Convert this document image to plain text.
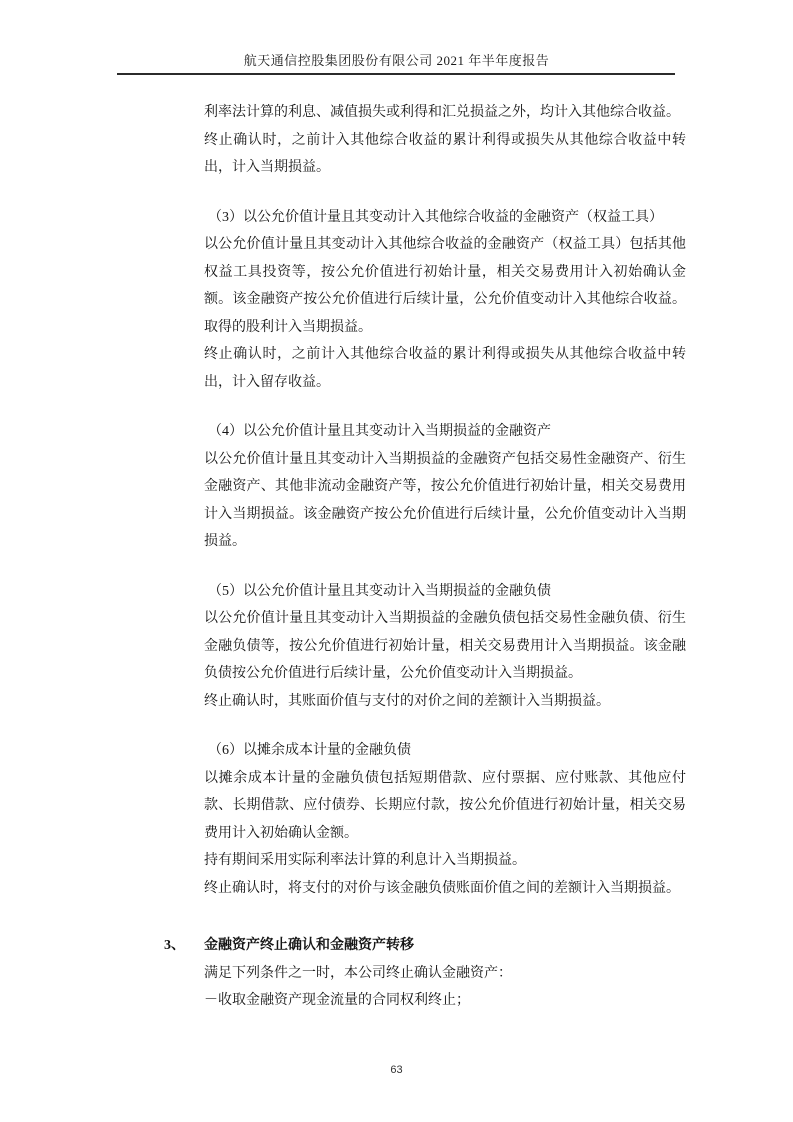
航天通信控股集团股份有限公司 2021 年半年度报告

利率法计算的利息、减值损失或利得和汇兑损益之外，均计入其他综合收益。

终止确认时，之前计入其他综合收益的累计利得或损失从其他综合收益中转出，计入当期损益。

（3）以公允价值计量且其变动计入其他综合收益的金融资产（权益工具）

以公允价值计量且其变动计入其他综合收益的金融资产（权益工具）包括其他权益工具投资等，按公允价值进行初始计量，相关交易费用计入初始确认金额。该金融资产按公允价值进行后续计量，公允价值变动计入其他综合收益。取得的股利计入当期损益。

终止确认时，之前计入其他综合收益的累计利得或损失从其他综合收益中转出，计入留存收益。

（4）以公允价值计量且其变动计入当期损益的金融资产

以公允价值计量且其变动计入当期损益的金融资产包括交易性金融资产、衍生金融资产、其他非流动金融资产等，按公允价值进行初始计量，相关交易费用计入当期损益。该金融资产按公允价值进行后续计量，公允价值变动计入当期损益。

（5）以公允价值计量且其变动计入当期损益的金融负债

以公允价值计量且其变动计入当期损益的金融负债包括交易性金融负债、衍生金融负债等，按公允价值进行初始计量，相关交易费用计入当期损益。该金融负债按公允价值进行后续计量，公允价值变动计入当期损益。

终止确认时，其账面价值与支付的对价之间的差额计入当期损益。

（6）以摊余成本计量的金融负债

以摊余成本计量的金融负债包括短期借款、应付票据、应付账款、其他应付款、长期借款、应付债券、长期应付款，按公允价值进行初始计量，相关交易费用计入初始确认金额。

持有期间采用实际利率法计算的利息计入当期损益。

终止确认时，将支付的对价与该金融负债账面价值之间的差额计入当期损益。

3、 金融资产终止确认和金融资产转移

满足下列条件之一时，本公司终止确认金融资产：

－收取金融资产现金流量的合同权利终止；

63
